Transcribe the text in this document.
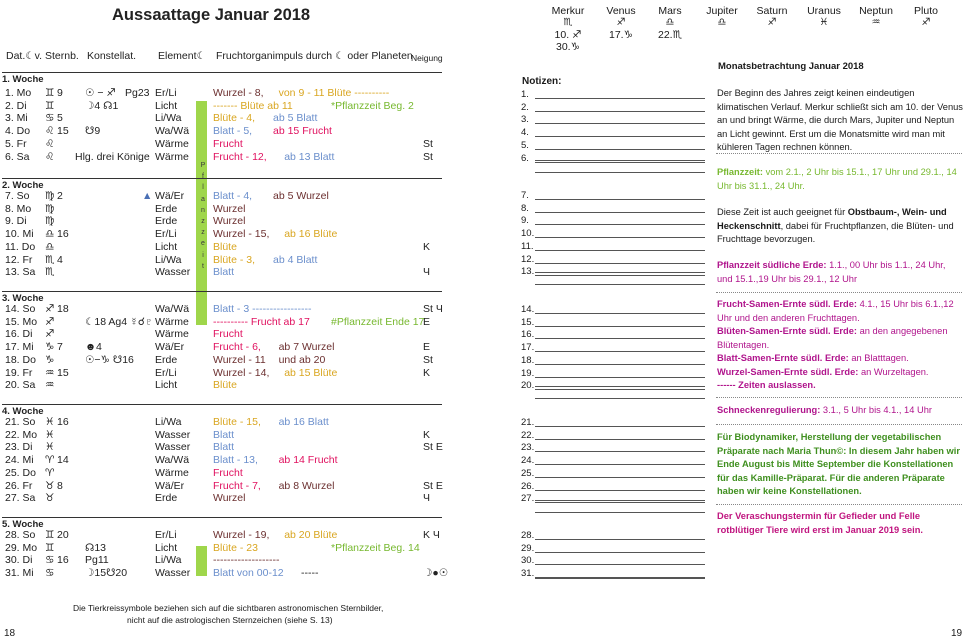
Aussaattage Januar 2018
Dat.☾v. Sternb. Konstellat. Element☾ Fruchtorganimpuls durch ☾ oder Planeten
Neigung
P
f
l
a
n
z
z
e
i
t
1. Woche
2. Woche
3. Woche
4. Woche
5. Woche
1. Mo ♊ 9 ☉ − ♐ Pg23 Er/Li	Wurzel - 8, von 9 - 11 Blüte ----------
2. Di ♊	☽4 ☊1	Licht	------- Blüte ab 11	*Pflanzzeit Beg. 2
3. Mi ♋ 5	Li/Wa	Blüte - 4, ab 5 Blatt
4. Do ♌ 15 ☋9	Wa/Wä Blatt - 5, ab 15 Frucht
5. Fr ♌	Wärme Frucht	St
6. Sa ♌ Hlg. drei Könige Wärme Frucht - 12,	St
ab 13 Blatt
7. So ♍ 2	▲ Wä/Er	Blatt - 4, ab 5 Wurzel
8. Mo ♍	Erde	Wurzel
9. Di ♍	Erde	Wurzel
10. Mi ♎ 16	Er/Li	Wurzel - 15, ab 16 Blüte
11. Do ♎	Licht	Blüte	K
12. Fr ♏ 4	Li/Wa	Blüte - 3, ab 4 Blatt
13. Sa ♏	Wasser Blatt	Ч
14. So ♐ 18	Wa/Wä Blatt - 3 -----------------	St Ч
15. Mo ♐	☾18 Ag4 ☿☌♇ Wärme ---------- Frucht ab 17	E
#Pflanzzeit Ende 17
16. Di ♐	Wärme Frucht
17. Mi ♑ 7 ☻4	Wä/Er	Frucht - 6,	E
ab 7 Wurzel
18. Do ♑	☉−♑ ☋16 Erde	Wurzel - 11	St
und ab 20
19. Fr ♒ 15	Er/Li	Wurzel - 14,	K
ab 15 Blüte
20. Sa ♒	Licht	Blüte
21. So ♓ 16	Li/Wa	Blüte - 15, ab 16 Blatt
22. Mo ♓	Wasser Blatt	K
23. Di ♓	Wasser Blatt	St E
24. Mi ♈ 14	Wa/Wä Blatt - 13, ab 14 Frucht
25. Do ♈	Wärme Frucht
26. Fr ♉ 8	Wä/Er	Frucht - 7,	St E
ab 8 Wurzel
27. Sa ♉	Erde	Wurzel	Ч
28. So ♊ 20	Er/Li	Wurzel - 19,	K Ч
ab 20 Blüte
29. Mo ♊	☊13	Licht	Blüte - 23	*Pflanzzeit Beg. 14
30. Di ♋ 16 Pg11	Li/Wa	-------------------
31. Mi ♋	☽15☋20	Wasser Blatt von 00-12	☽●☉
-----
Merkur
♏
10. ♐
30.♑
Venus
♐
17.♑
Mars
♎
22.♏
Jupiter
♎
Saturn
♐
Uranus
♓
Neptun
♒
Pluto
♐
Notizen:
1.
2.
3.
4.
5.
6.
7.
8.
9.
10.
11.
12.
13.
14.
15.
16.
17.
18.
19.
20.
21.
22.
23.
24.
25.
26.
27.
28.
29.
30.
31.
Monatsbetrachtung Januar 2018
Der Beginn des Jahres zeigt keinen eindeutigen klimatischen Verlauf. Merkur schließt sich am 10. der Venus an und bringt Wärme, die durch Mars, Jupiter und Neptun an Licht gewinnt. Erst um die Monatsmitte wird man mit kühleren Tagen rechnen können.
Pflanzzeit: vom 2.1., 2 Uhr bis 15.1., 17 Uhr und 29.1., 14 Uhr bis 31.1., 24 Uhr.
Diese Zeit ist auch geeignet für Obstbaum-, Wein- und Heckenschnitt, dabei für Fruchtpflanzen, die Blüten- und Fruchttage bevorzugen.
Pflanzzeit südliche Erde: 1.1., 00 Uhr bis 1.1., 24 Uhr, und 15.1.,19 Uhr bis 29.1., 12 Uhr
Frucht-Samen-Ernte südl. Erde: 4.1., 15 Uhr bis 6.1.,12 Uhr und den anderen Fruchttagen.
Blüten-Samen-Ernte südl. Erde: an den angegebenen Blütentagen.
Blatt-Samen-Ernte südl. Erde: an Blatttagen.
Wurzel-Samen-Ernte südl. Erde: an Wurzeltagen.
------ Zeiten auslassen.
Schneckenregulierung: 3.1., 5 Uhr bis 4.1., 14 Uhr
Für Biodynamiker, Herstellung der vegetabilischen Präparate nach Maria Thun©: In diesem Jahr haben wir Ende August bis Mitte September die Konstellationen für das Kamille-Präparat. Für die anderen Präparate haben wir keine Konstellationen.
Der Veraschungstermin für Gefieder und Felle rotblütiger Tiere wird erst im Januar 2019 sein.
Die Tierkreissymbole beziehen sich auf die sichtbaren astronomischen Sternbilder,
nicht auf die astrologischen Sternzeichen (siehe S. 13)
18	19
